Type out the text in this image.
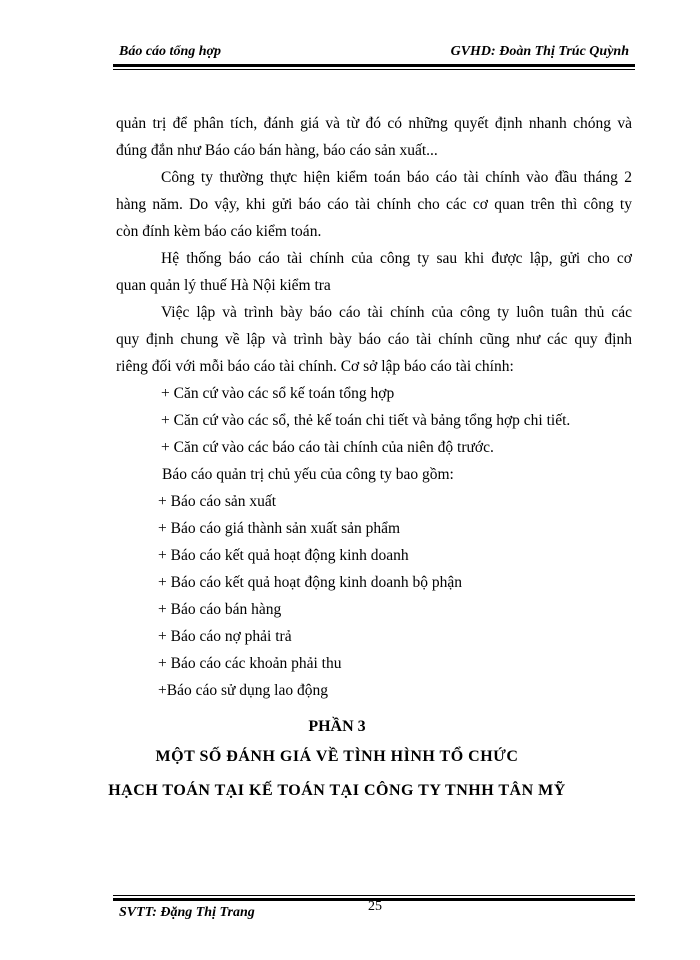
Báo cáo tổng hợp	GVHD: Đoàn Thị Trúc Quỳnh
quản trị để phân tích, đánh giá và từ đó có những quyết định nhanh chóng và
đúng đắn như Báo cáo bán hàng, báo cáo sản xuất...
Công ty thường thực hiện kiểm toán báo cáo tài chính vào đầu tháng 2
hàng năm. Do vậy, khi gửi báo cáo tài chính cho các cơ quan trên thì công ty
còn đính kèm báo cáo kiểm toán.
Hệ thống báo cáo tài chính của công ty sau khi được lập, gửi cho cơ
quan quản lý thuế Hà Nội kiểm tra
Việc lập và trình bày báo cáo tài chính của công ty luôn tuân thủ các
quy định chung về lập và trình bày báo cáo tài chính cũng như các quy định
riêng đối với mỗi báo cáo tài chính. Cơ sở lập báo cáo tài chính:
+ Căn cứ vào các sổ kế toán tổng hợp
+ Căn cứ vào các sổ, thẻ kế toán chi tiết và bảng tổng hợp chi tiết.
+ Căn cứ vào các báo cáo tài chính của niên độ trước.
Báo cáo quản trị chủ yếu của công ty bao gồm:
+ Báo cáo sản xuất
+ Báo cáo giá thành sản xuất sản phẩm
+ Báo cáo kết quả hoạt động kinh doanh
+ Báo cáo kết quả hoạt động kinh doanh bộ phận
+ Báo cáo bán hàng
+ Báo cáo nợ phải trả
+ Báo cáo các khoản phải thu
+Báo cáo sử dụng lao động
PHẦN 3
MỘT SỐ ĐÁNH GIÁ VỀ TÌNH HÌNH TỔ CHỨC
HẠCH TOÁN TẠI KẾ TOÁN TẠI CÔNG TY TNHH TÂN MỸ
SVTT: Đặng Thị Trang	25
